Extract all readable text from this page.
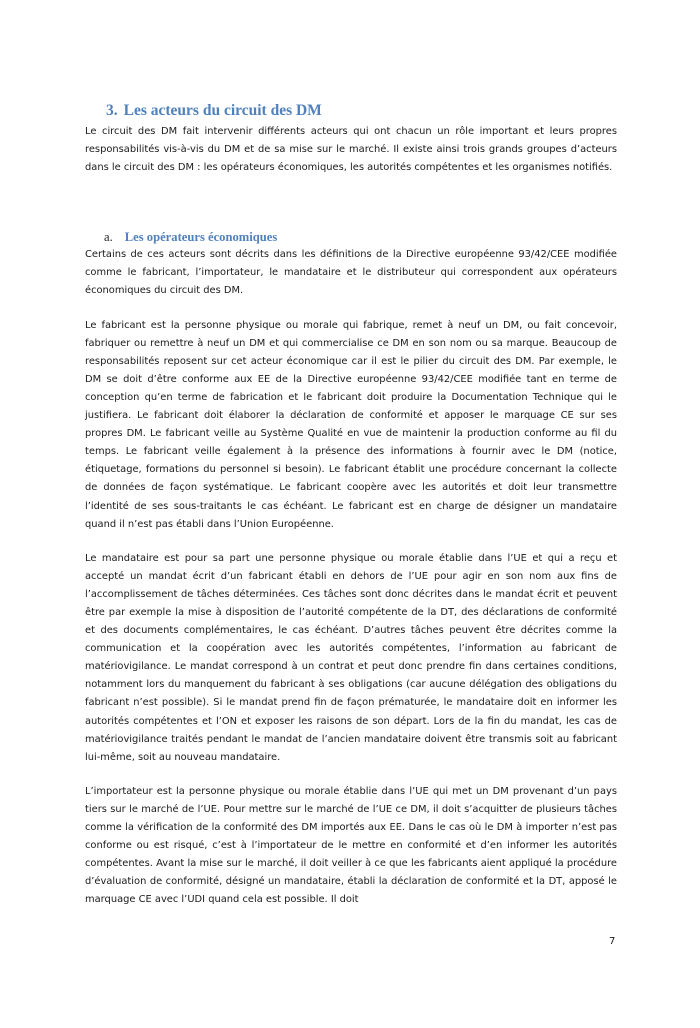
3. Les acteurs du circuit des DM

Le circuit des DM fait intervenir différents acteurs qui ont chacun un rôle important et leurs propres responsabilités vis-à-vis du DM et de sa mise sur le marché. Il existe ainsi trois grands groupes d’acteurs dans le circuit des DM : les opérateurs économiques, les autorités compétentes et les organismes notifiés.

a. Les opérateurs économiques

Certains de ces acteurs sont décrits dans les définitions de la Directive européenne 93/42/CEE modifiée comme le fabricant, l’importateur, le mandataire et le distributeur qui correspondent aux opérateurs économiques du circuit des DM.

Le fabricant est la personne physique ou morale qui fabrique, remet à neuf un DM, ou fait concevoir, fabriquer ou remettre à neuf un DM et qui commercialise ce DM en son nom ou sa marque. Beaucoup de responsabilités reposent sur cet acteur économique car il est le pilier du circuit des DM. Par exemple, le DM se doit d’être conforme aux EE de la Directive européenne 93/42/CEE modifiée tant en terme de conception qu’en terme de fabrication et le fabricant doit produire la Documentation Technique qui le justifiera. Le fabricant doit élaborer la déclaration de conformité et apposer le marquage CE sur ses propres DM. Le fabricant veille au Système Qualité en vue de maintenir la production conforme au fil du temps. Le fabricant veille également à la présence des informations à fournir avec le DM (notice, étiquetage, formations du personnel si besoin). Le fabricant établit une procédure concernant la collecte de données de façon systématique. Le fabricant coopère avec les autorités et doit leur transmettre l’identité de ses sous-traitants le cas échéant. Le fabricant est en charge de désigner un mandataire quand il n’est pas établi dans l’Union Européenne.

Le mandataire est pour sa part une personne physique ou morale établie dans l’UE et qui a reçu et accepté un mandat écrit d’un fabricant établi en dehors de l’UE pour agir en son nom aux fins de l’accomplissement de tâches déterminées. Ces tâches sont donc décrites dans le mandat écrit et peuvent être par exemple la mise à disposition de l’autorité compétente de la DT, des déclarations de conformité et des documents complémentaires, le cas échéant. D’autres tâches peuvent être décrites comme la communication et la coopération avec les autorités compétentes, l’information au fabricant de matériovigilance. Le mandat correspond à un contrat et peut donc prendre fin dans certaines conditions, notamment lors du manquement du fabricant à ses obligations (car aucune délégation des obligations du fabricant n’est possible). Si le mandat prend fin de façon prématurée, le mandataire doit en informer les autorités compétentes et l’ON et exposer les raisons de son départ. Lors de la fin du mandat, les cas de matériovigilance traités pendant le mandat de l’ancien mandataire doivent être transmis soit au fabricant lui-même, soit au nouveau mandataire.

L’importateur est la personne physique ou morale établie dans l’UE qui met un DM provenant d’un pays tiers sur le marché de l’UE. Pour mettre sur le marché de l’UE ce DM, il doit s’acquitter de plusieurs tâches comme la vérification de la conformité des DM importés aux EE. Dans le cas où le DM à importer n’est pas conforme ou est risqué, c’est à l’importateur de le mettre en conformité et d’en informer les autorités compétentes. Avant la mise sur le marché, il doit veiller à ce que les fabricants aient appliqué la procédure d’évaluation de conformité, désigné un mandataire, établi la déclaration de conformité et la DT, apposé le marquage CE avec l’UDI quand cela est possible. Il doit

7
